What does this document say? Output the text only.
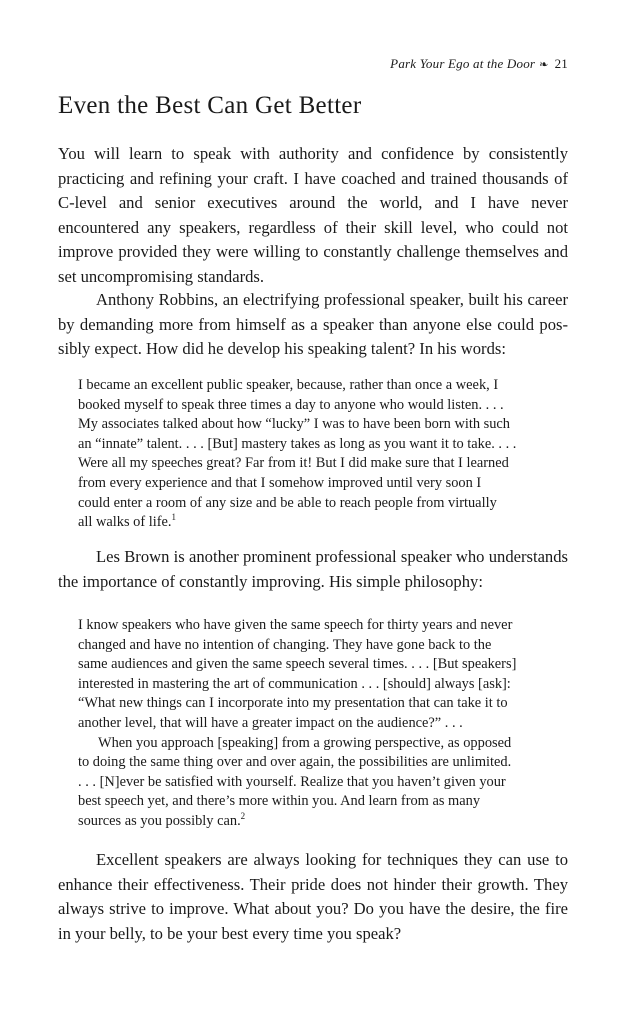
Park Your Ego at the Door ❧ 21
Even the Best Can Get Better

You will learn to speak with authority and confidence by consistently practicing and refining your craft. I have coached and trained thousands of C-level and senior executives around the world, and I have never encountered any speakers, regardless of their skill level, who could not improve provided they were willing to constantly challenge themselves and set uncompromising standards.

Anthony Robbins, an electrifying professional speaker, built his career by demanding more from himself as a speaker than anyone else could possibly expect. How did he develop his speaking talent? In his words:

I became an excellent public speaker, because, rather than once a week, I
booked myself to speak three times a day to anyone who would listen. . . .
My associates talked about how “lucky” I was to have been born with such
an “innate” talent. . . . [But] mastery takes as long as you want it to take. . . .
Were all my speeches great? Far from it! But I did make sure that I learned
from every experience and that I somehow improved until very soon I
could enter a room of any size and be able to reach people from virtually
all walks of life.$^1$

Les Brown is another prominent professional speaker who understands the importance of constantly improving. His simple philosophy:

I know speakers who have given the same speech for thirty years and never
changed and have no intention of changing. They have gone back to the
same audiences and given the same speech several times. . . . [But speakers]
interested in mastering the art of communication . . . [should] always [ask]:
“What new things can I incorporate into my presentation that can take it to
another level, that will have a greater impact on the audience?” . . .
When you approach [speaking] from a growing perspective, as opposed
to doing the same thing over and over again, the possibilities are unlimited.
. . . [N]ever be satisfied with yourself. Realize that you haven’t given your
best speech yet, and there’s more within you. And learn from as many
sources as you possibly can.$^2$

Excellent speakers are always looking for techniques they can use to enhance their effectiveness. Their pride does not hinder their growth. They always strive to improve. What about you? Do you have the desire, the fire in your belly, to be your best every time you speak?
